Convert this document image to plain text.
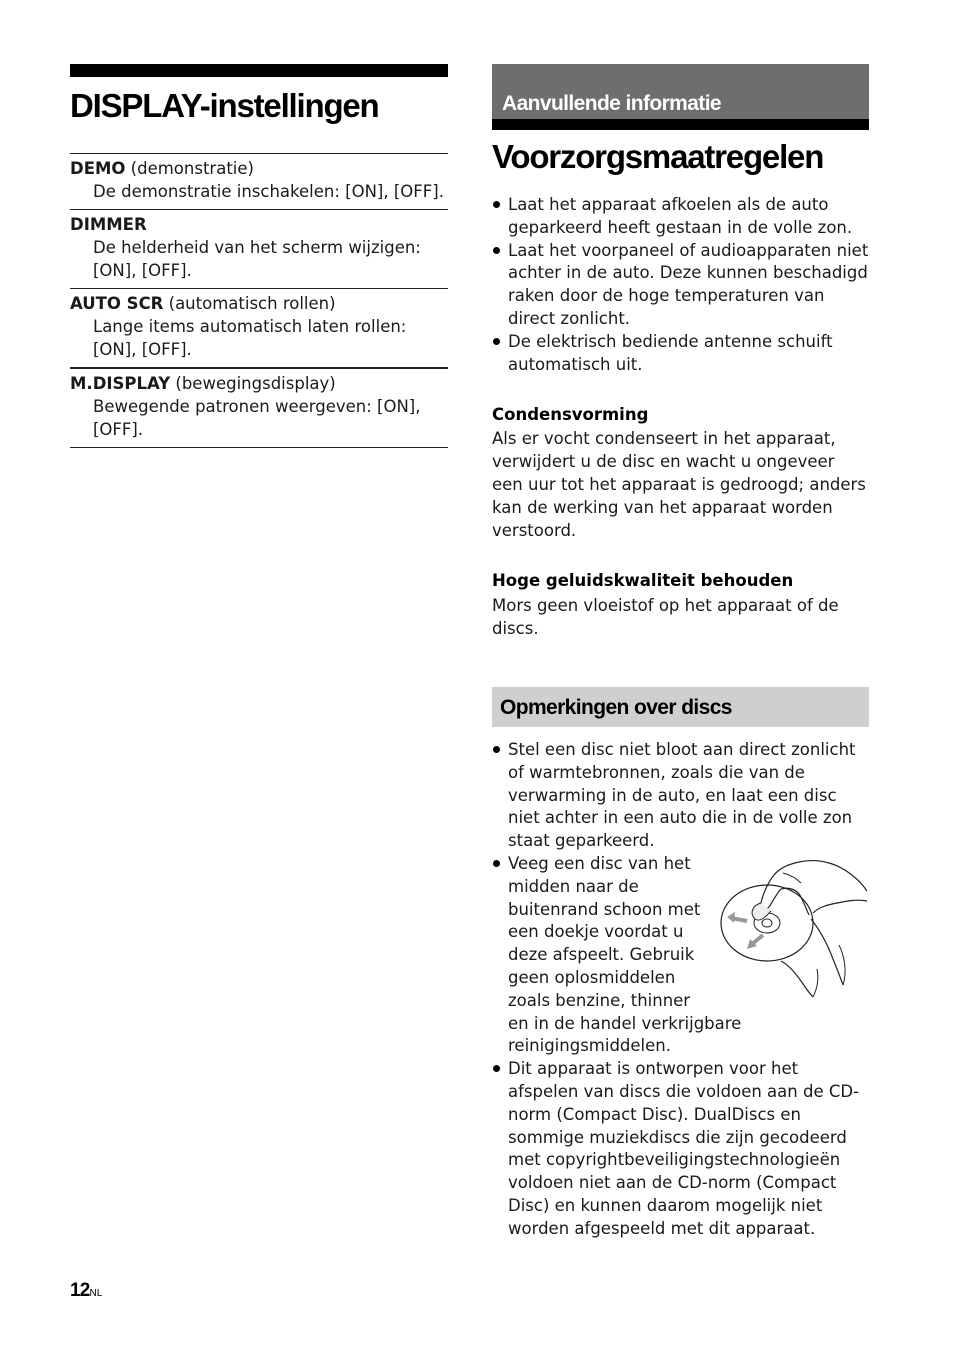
DISPLAY-instellingen
DEMO (demonstratie)
De demonstratie inschakelen: [ON], [OFF].
DIMMER
De helderheid van het scherm wijzigen: [ON], [OFF].
AUTO SCR (automatisch rollen)
Lange items automatisch laten rollen: [ON], [OFF].
M.DISPLAY (bewegingsdisplay)
Bewegende patronen weergeven: [ON], [OFF].
Aanvullende informatie
Voorzorgsmaatregelen
Laat het apparaat afkoelen als de auto geparkeerd heeft gestaan in de volle zon.
Laat het voorpaneel of audioapparaten niet achter in de auto. Deze kunnen beschadigd raken door de hoge temperaturen van direct zonlicht.
De elektrisch bediende antenne schuift automatisch uit.
Condensvorming
Als er vocht condenseert in het apparaat, verwijdert u de disc en wacht u ongeveer een uur tot het apparaat is gedroogd; anders kan de werking van het apparaat worden verstoord.
Hoge geluidskwaliteit behouden
Mors geen vloeistof op het apparaat of de discs.
Opmerkingen over discs
Stel een disc niet bloot aan direct zonlicht of warmtebronnen, zoals die van de verwarming in de auto, en laat een disc niet achter in een auto die in de volle zon staat geparkeerd.
Veeg een disc van het midden naar de buitenrand schoon met een doekje voordat u deze afspeelt. Gebruik geen oplosmiddelen zoals benzine, thinner en in de handel verkrijgbare reinigingsmiddelen.
Dit apparaat is ontworpen voor het afspelen van discs die voldoen aan de CD-norm (Compact Disc). DualDiscs en sommige muziekdiscs die zijn gecodeerd met copyrightbeveiligingstechnologieën voldoen niet aan de CD-norm (Compact Disc) en kunnen daarom mogelijk niet worden afgespeeld met dit apparaat.
12NL
